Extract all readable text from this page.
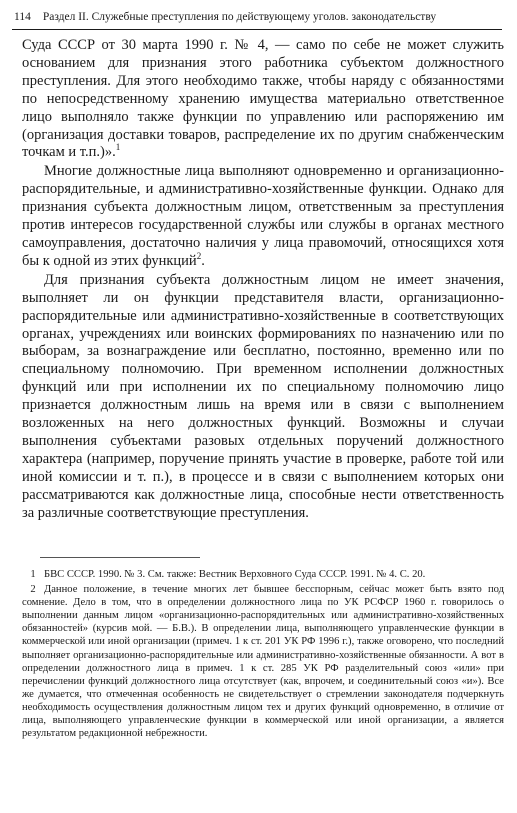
114 Раздел II. Служебные преступления по действующему уголов. законодательству

Суда СССР от 30 марта 1990 г. № 4, — само по себе не может служить основанием для признания этого работника субъектом должностного преступления. Для этого необходимо также, чтобы наряду с обязанностями по непосредственному хранению имущества материально ответственное лицо выполняло также функции по управлению или распоряжению им (организация доставки товаров, распределение их по другим снабженческим точкам и т.п.)».$^1$

Многие должностные лица выполняют одновременно и организационно-распорядительные, и административно-хозяйственные функции. Однако для признания субъекта должностным лицом, ответственным за преступления против интересов государственной службы или службы в органах местного самоуправления, достаточно наличия у лица правомочий, относящихся хотя бы к одной из этих функций$^2$.

Для признания субъекта должностным лицом не имеет значения, выполняет ли он функции представителя власти, организационно-распорядительные или административно-хозяйственные в соответствующих органах, учреждениях или воинских формированиях по назначению или по выборам, за вознаграждение или бесплатно, постоянно, временно или по специальному полномочию. При временном исполнении должностных функций или при исполнении их по специальному полномочию лицо признается должностным лишь на время или в связи с выполнением возложенных на него должностных функций. Возможны и случаи выполнения субъектами разовых отдельных поручений должностного характера (например, поручение принять участие в проверке, работе той или иной комиссии и т. п.), в процессе и в связи с выполнением которых они рассматриваются как должностные лица, способные нести ответственность за различные соответствующие преступления.

1 БВС СССР. 1990. № 3. См. также: Вестник Верховного Суда СССР. 1991. № 4. С. 20.

2 Данное положение, в течение многих лет бывшее бесспорным, сейчас может быть взято под сомнение. Дело в том, что в определении должностного лица по УК РСФСР 1960 г. говорилось о выполнении данным лицом «организационно-распорядительных или административно-хозяйственных обязанностей» (курсив мой. — Б.В.). В определении лица, выполняющего управленческие функции в коммерческой или иной организации (примеч. 1 к ст. 201 УК РФ 1996 г.), также оговорено, что последний выполняет организационно-распорядительные или административно-хозяйственные обязанности. А вот в определении должностного лица в примеч. 1 к ст. 285 УК РФ разделительный союз «или» при перечислении функций должностного лица отсутствует (как, впрочем, и соединительный союз «и»). Все же думается, что отмеченная особенность не свидетельствует о стремлении законодателя подчеркнуть необходимость осуществления должностным лицом тех и других функций одновременно, в отличие от лица, выполняющего управленческие функции в коммерческой или иной организации, а является результатом редакционной небрежности.
